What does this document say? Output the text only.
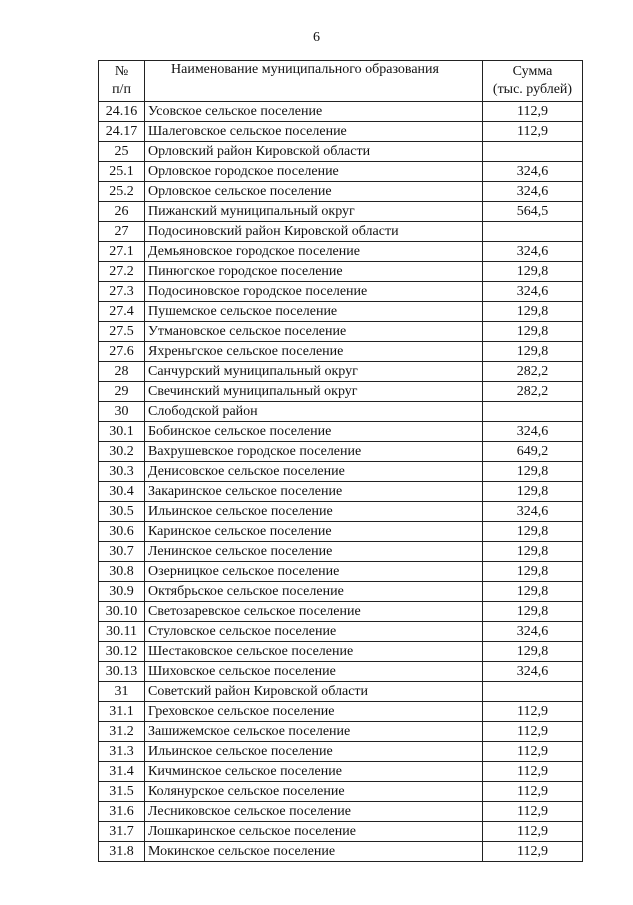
6
№
п/п	Наименование муниципального образования	Сумма
(тыс. рублей)

24.16	Усовское сельское поселение	112,9
24.17	Шалеговское сельское поселение	112,9
25	Орловский район Кировской области	
25.1	Орловское городское поселение	324,6
25.2	Орловское сельское поселение	324,6
26	Пижанский муниципальный округ	564,5
27	Подосиновский район Кировской области	
27.1	Демьяновское городское поселение	324,6
27.2	Пинюгское городское поселение	129,8
27.3	Подосиновское городское поселение	324,6
27.4	Пушемское сельское поселение	129,8
27.5	Утмановское сельское поселение	129,8
27.6	Яхреньгское сельское поселение	129,8
28	Санчурский муниципальный округ	282,2
29	Свечинский муниципальный округ	282,2
30	Слободской район	
30.1	Бобинское сельское поселение	324,6
30.2	Вахрушевское городское поселение	649,2
30.3	Денисовское сельское поселение	129,8
30.4	Закаринское сельское поселение	129,8
30.5	Ильинское сельское поселение	324,6
30.6	Каринское сельское поселение	129,8
30.7	Ленинское сельское поселение	129,8
30.8	Озерницкое сельское поселение	129,8
30.9	Октябрьское сельское поселение	129,8
30.10	Светозаревское сельское поселение	129,8
30.11	Стуловское сельское поселение	324,6
30.12	Шестаковское сельское поселение	129,8
30.13	Шиховское сельское поселение	324,6
31	Советский район Кировской области	
31.1	Греховское сельское поселение	112,9
31.2	Зашижемское сельское поселение	112,9
31.3	Ильинское сельское поселение	112,9
31.4	Кичминское сельское поселение	112,9
31.5	Колянурское сельское поселение	112,9
31.6	Лесниковское сельское поселение	112,9
31.7	Лошкаринское сельское поселение	112,9
31.8	Мокинское сельское поселение	112,9
